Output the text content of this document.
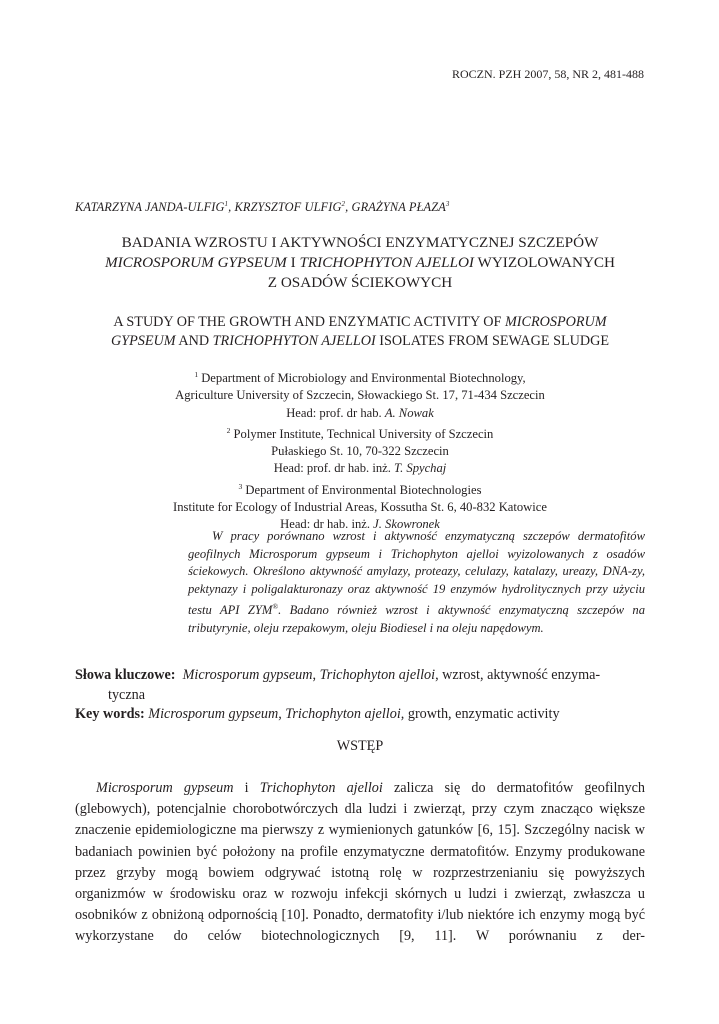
ROCZN. PZH 2007, 58, NR 2, 481-488
KATARZYNA JANDA-ULFIG$^1$, KRZYSZTOF ULFIG$^2$, GRAŻYNA PŁAZA$^3$
BADANIA WZROSTU I AKTYWNOŚCI ENZYMATYCZNEJ SZCZEPÓW
MICROSPORUM GYPSEUM I TRICHOPHYTON AJELLOI WYIZOLOWANYCH
Z OSADÓW ŚCIEKOWYCH
A STUDY OF THE GROWTH AND ENZYMATIC ACTIVITY OF MICROSPORUM
GYPSEUM AND TRICHOPHYTON AJELLOI ISOLATES FROM SEWAGE SLUDGE
$^1$ Department of Microbiology and Environmental Biotechnology,
Agriculture University of Szczecin, Słowackiego St. 17, 71-434 Szczecin
Head: prof. dr hab. A. Nowak
$^2$ Polymer Institute, Technical University of Szczecin
Pułaskiego St. 10, 70-322 Szczecin
Head: prof. dr hab. inż. T. Spychaj
$^3$ Department of Environmental Biotechnologies
Institute for Ecology of Industrial Areas, Kossutha St. 6, 40-832 Katowice
Head: dr hab. inż. J. Skowronek

W pracy porównano wzrost i aktywność enzymatyczną szczepów dermatofitów geofilnych Microsporum gypseum i Trichophyton ajelloi wyizolowanych z osadów ściekowych. Określono aktywność amylazy, proteazy, celulazy, katalazy, ureazy, DNA-zy, pektynazy i poligalakturonazy oraz aktywność 19 enzymów hydrolitycznych przy użyciu testu API ZYM®. Badano również wzrost i aktywność enzymatyczną szczepów na tributyrynie, oleju rzepakowym, oleju Biodiesel i na oleju napędowym.

Słowa kluczowe: Microsporum gypseum, Trichophyton ajelloi, wzrost, aktywność enzyma-
tyczna
Key words: Microsporum gypseum, Trichophyton ajelloi, growth, enzymatic activity
WSTĘP

Microsporum gypseum i Trichophyton ajelloi zalicza się do dermatofitów geofilnych (glebowych), potencjalnie chorobotwórczych dla ludzi i zwierząt, przy czym znacząco większe znaczenie epidemiologiczne ma pierwszy z wymienionych gatunków [6, 15]. Szczególny nacisk w badaniach powinien być położony na profile enzymatyczne dermatofitów. Enzymy produkowane przez grzyby mogą bowiem odgrywać istotną rolę w rozprzestrzenianiu się powyższych organizmów w środowisku oraz w rozwoju infekcji skórnych u ludzi i zwierząt, zwłaszcza u osobników z obniżoną odpornością [10]. Ponadto, dermatofity i/lub niektóre ich enzymy mogą być wykorzystane do celów biotechnologicznych [9, 11]. W porównaniu z der-
